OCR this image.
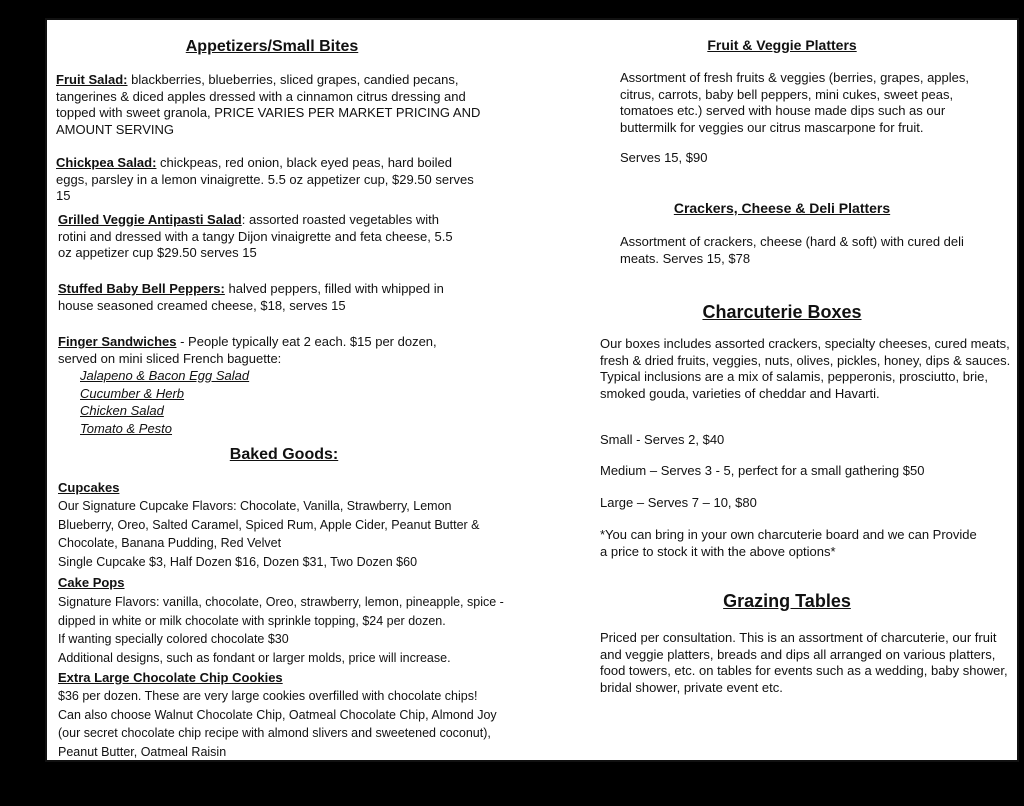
Appetizers/Small Bites

Fruit Salad: blackberries, blueberries, sliced grapes, candied pecans, tangerines & diced apples dressed with a cinnamon citrus dressing and topped with sweet granola, PRICE VARIES PER MARKET PRICING AND AMOUNT SERVING

Chickpea Salad: chickpeas, red onion, black eyed peas, hard boiled eggs, parsley in a lemon vinaigrette. 5.5 oz appetizer cup, $29.50 serves 15

Grilled Veggie Antipasti Salad: assorted roasted vegetables with rotini and dressed with a tangy Dijon vinaigrette and feta cheese, 5.5 oz appetizer cup $29.50 serves 15

Stuffed Baby Bell Peppers: halved peppers, filled with whipped in house seasoned creamed cheese, $18, serves 15

Finger Sandwiches - People typically eat 2 each. $15 per dozen, served on mini sliced French baguette:

Jalapeno & Bacon Egg Salad
Cucumber & Herb
Chicken Salad
Tomato & Pesto
Baked Goods:
Cupcakes
Our Signature Cupcake Flavors: Chocolate, Vanilla, Strawberry, Lemon Blueberry, Oreo, Salted Caramel, Spiced Rum, Apple Cider, Peanut Butter & Chocolate, Banana Pudding, Red Velvet
Single Cupcake $3, Half Dozen $16, Dozen $31, Two Dozen $60
Cake Pops
Signature Flavors: vanilla, chocolate, Oreo, strawberry, lemon, pineapple, spice - dipped in white or milk chocolate with sprinkle topping, $24 per dozen.
If wanting specially colored chocolate $30
Additional designs, such as fondant or larger molds, price will increase.
Extra Large Chocolate Chip Cookies
$36 per dozen. These are very large cookies overfilled with chocolate chips! Can also choose Walnut Chocolate Chip, Oatmeal Chocolate Chip, Almond Joy (our secret chocolate chip recipe with almond slivers and sweetened coconut), Peanut Butter, Oatmeal Raisin
Fruit & Veggie Platters

Assortment of fresh fruits & veggies (berries, grapes, apples, citrus, carrots, baby bell peppers, mini cukes, sweet peas, tomatoes etc.) served with house made dips such as our buttermilk for veggies our citrus mascarpone for fruit.

Serves 15, $90

Crackers, Cheese & Deli Platters

Assortment of crackers, cheese (hard & soft) with cured deli meats. Serves 15, $78

Charcuterie Boxes

Our boxes includes assorted crackers, specialty cheeses, cured meats, fresh & dried fruits, veggies, nuts, olives, pickles, honey, dips & sauces. Typical inclusions are a mix of salamis, pepperonis, prosciutto, brie, smoked gouda, varieties of cheddar and Havarti.

Small - Serves 2, $40

Medium – Serves 3 - 5, perfect for a small gathering $50

Large – Serves 7 – 10, $80

*You can bring in your own charcuterie board and we can Provide a price to stock it with the above options*

Grazing Tables

Priced per consultation. This is an assortment of charcuterie, our fruit and veggie platters, breads and dips all arranged on various platters, food towers, etc. on tables for events such as a wedding, baby shower, bridal shower, private event etc.
